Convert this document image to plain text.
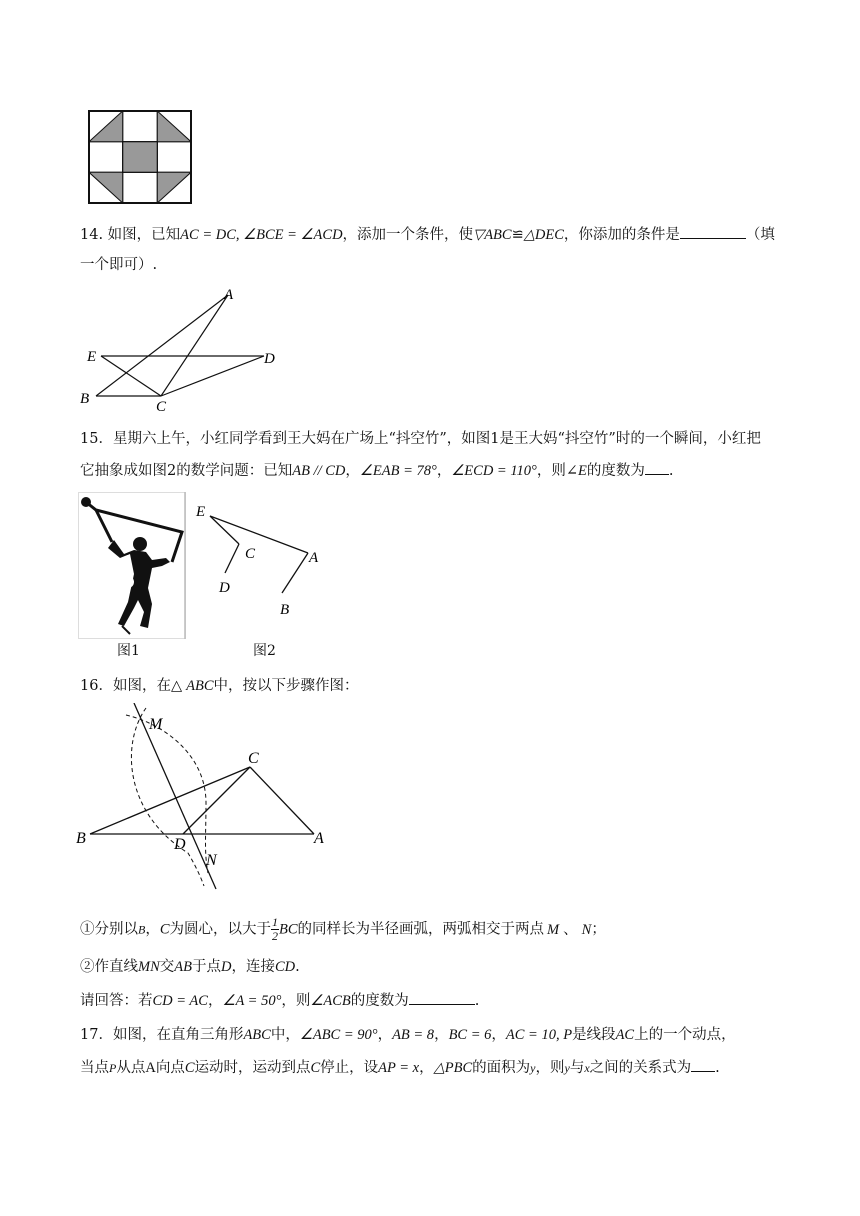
14. 如图，已知AC = DC, ∠BCE = ∠ACD，添加一个条件，使▽ABC≌△DEC，你添加的条件是	（填
一个即可）.
A
E	D
B	C
15．星期六上午，小红同学看到王大妈在广场上“抖空竹”，如图1是王大妈“抖空竹”时的一个瞬间，小红把
它抽象成如图2的数学问题：已知AB // CD，∠EAB = 78°，∠ECD = 110°，则∠E的度数为 .
图1
E
C	A
D
B
图2
16．如图，在△ ABC中，按以下步骤作图：
M
C
B	D	A
N
①分别以B，C为圆心，以大于 $\frac{1}{2}$ BC的同样长为半径画弧，两弧相交于两点 M 、 N；
②作直线MN交AB于点D，连接CD.
请回答：若CD = AC，∠A = 50°，则∠ACB的度数为	.
17．如图，在直角三角形ABC中，∠ABC = 90°，AB = 8，BC = 6，AC = 10, P是线段AC上的一个动点，
当点P从点A向点C运动时，运动到点C停止，设AP = x，△PBC的面积为y，则y与x之间的关系式为 .
